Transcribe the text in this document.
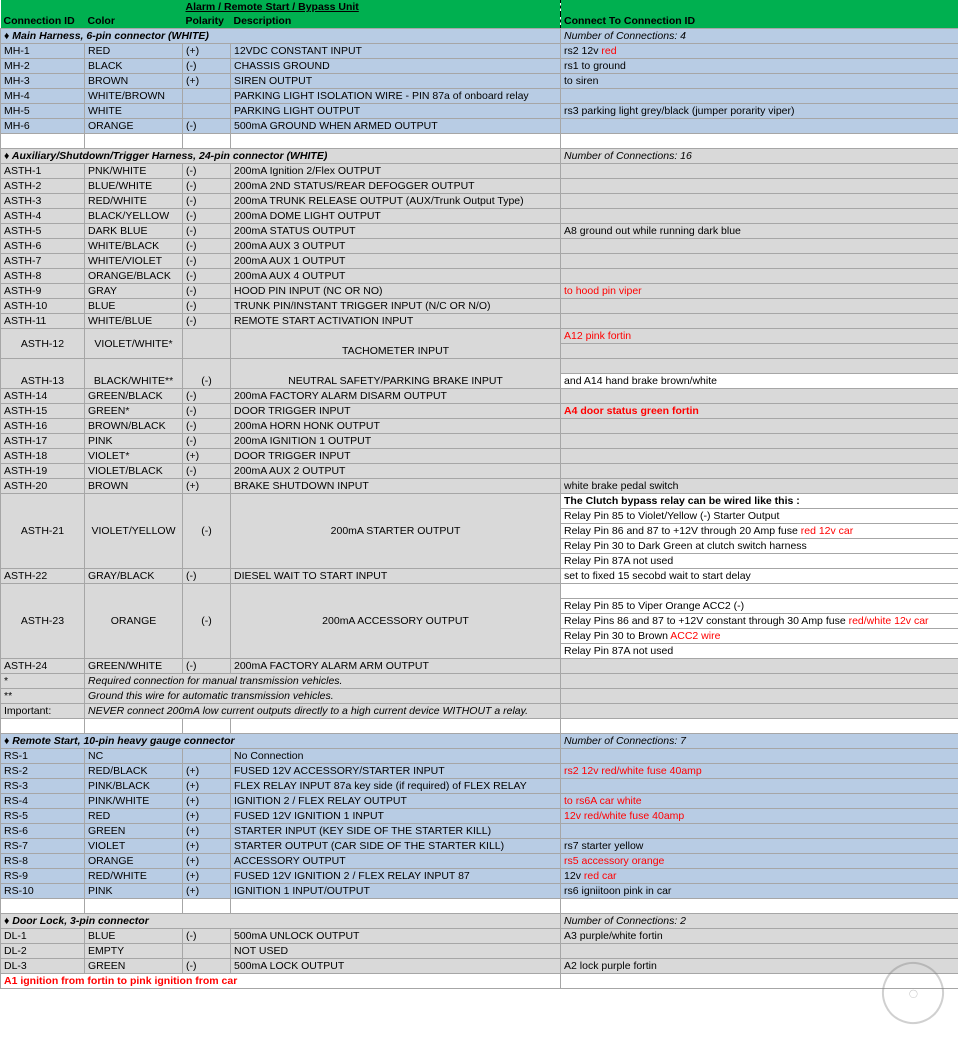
		Alarm / Remote Start / Bypass Unit		
Connection ID	Color	Polarity	Description	Connect To Connection ID
♦ Main Harness, 6-pin connector (WHITE)				Number of Connections: 4
MH-1	RED	(+)	12VDC CONSTANT INPUT	rs2 12v red
MH-2	BLACK	(-)	CHASSIS GROUND	rs1 to ground
MH-3	BROWN	(+)	SIREN OUTPUT	to siren
MH-4	WHITE/BROWN		PARKING LIGHT ISOLATION WIRE - PIN 87a of onboard relay	
MH-5	WHITE		PARKING LIGHT OUTPUT	rs3 parking light grey/black (jumper porarity viper)
MH-6	ORANGE	(-)	500mA GROUND WHEN ARMED OUTPUT	

♦ Auxiliary/Shutdown/Trigger Harness, 24-pin connector (WHITE)				Number of Connections: 16
ASTH-1	PNK/WHITE	(-)	200mA Ignition 2/Flex OUTPUT	
ASTH-2	BLUE/WHITE	(-)	200mA 2ND STATUS/REAR DEFOGGER OUTPUT	
ASTH-3	RED/WHITE	(-)	200mA TRUNK RELEASE OUTPUT (AUX/Trunk Output Type)	
ASTH-4	BLACK/YELLOW	(-)	200mA DOME LIGHT OUTPUT	
ASTH-5	DARK BLUE	(-)	200mA STATUS OUTPUT	A8 ground out while running dark blue
ASTH-6	WHITE/BLACK	(-)	200mA AUX 3 OUTPUT	
ASTH-7	WHITE/VIOLET	(-)	200mA AUX 1 OUTPUT	
ASTH-8	ORANGE/BLACK	(-)	200mA AUX 4 OUTPUT	
ASTH-9	GRAY	(-)	HOOD PIN INPUT (NC OR NO)	to hood pin viper
ASTH-10	BLUE	(-)	TRUNK PIN/INSTANT TRIGGER INPUT (N/C OR N/O)	
ASTH-11	WHITE/BLUE	(-)	REMOTE START ACTIVATION INPUT	
ASTH-12	VIOLET/WHITE*		TACHOMETER INPUT	A12 pink fortin

ASTH-13	BLACK/WHITE**	(-)	NEUTRAL SAFETY/PARKING BRAKE INPUT	
				and A14 hand brake brown/white
ASTH-14	GREEN/BLACK	(-)	200mA FACTORY ALARM DISARM OUTPUT	
ASTH-15	GREEN*	(-)	DOOR TRIGGER INPUT	A4 door status green fortin
ASTH-16	BROWN/BLACK	(-)	200mA HORN HONK OUTPUT	
ASTH-17	PINK	(-)	200mA IGNITION 1 OUTPUT	
ASTH-18	VIOLET*	(+)	DOOR TRIGGER INPUT	
ASTH-19	VIOLET/BLACK	(-)	200mA AUX 2 OUTPUT	
ASTH-20	BROWN	(+)	BRAKE SHUTDOWN INPUT	white brake pedal switch
ASTH-21	VIOLET/YELLOW	(-)	200mA STARTER OUTPUT	The Clutch bypass relay can be wired like this :
				Relay Pin 85 to Violet/Yellow (-) Starter Output
				Relay Pin 86 and 87 to +12V through 20 Amp fuse red 12v car
				Relay Pin 30 to Dark Green at clutch switch harness
				Relay Pin 87A not used
ASTH-22	GRAY/BLACK	(-)	DIESEL WAIT TO START INPUT	set to fixed 15 secobd wait to start delay
ASTH-23	ORANGE	(-)	200mA ACCESSORY OUTPUT	
				Relay Pin 85 to Viper Orange ACC2 (-)
				Relay Pins 86 and 87 to +12V constant through 30 Amp fuse red/white 12v car
				Relay Pin 30 to Brown ACC2 wire
				Relay Pin 87A not used
ASTH-24	GREEN/WHITE	(-)	200mA FACTORY ALARM ARM OUTPUT	
*	Required connection for manual transmission vehicles.			
**	Ground this wire for automatic transmission vehicles.			
Important:	NEVER connect 200mA low current outputs directly to a high current device WITHOUT a relay.			

♦ Remote Start, 10-pin heavy gauge connector				Number of Connections: 7
RS-1	NC		No Connection	
RS-2	RED/BLACK	(+)	FUSED 12V ACCESSORY/STARTER INPUT	rs2 12v red/white fuse 40amp
RS-3	PINK/BLACK	(+)	FLEX RELAY INPUT 87a key side (if required) of FLEX RELAY	
RS-4	PINK/WHITE	(+)	IGNITION 2 / FLEX RELAY OUTPUT	to rs6A car white
RS-5	RED	(+)	FUSED 12V IGNITION 1 INPUT	12v red/white fuse 40amp
RS-6	GREEN	(+)	STARTER INPUT (KEY SIDE OF THE STARTER KILL)	
RS-7	VIOLET	(+)	STARTER OUTPUT (CAR SIDE OF THE STARTER KILL)	rs7 starter yellow
RS-8	ORANGE	(+)	ACCESSORY OUTPUT	rs5 accessory orange
RS-9	RED/WHITE	(+)	FUSED 12V IGNITION 2 / FLEX RELAY INPUT 87	12v red car
RS-10	PINK	(+)	IGNITION 1 INPUT/OUTPUT	rs6 igniitoon pink in car

♦ Door Lock, 3-pin connector				Number of Connections: 2
DL-1	BLUE	(-)	500mA UNLOCK OUTPUT	A3 purple/white fortin
DL-2	EMPTY		NOT USED	
DL-3	GREEN	(-)	500mA LOCK OUTPUT	A2 lock purple fortin
A1 ignition from fortin to pink ignition from car				
◯
